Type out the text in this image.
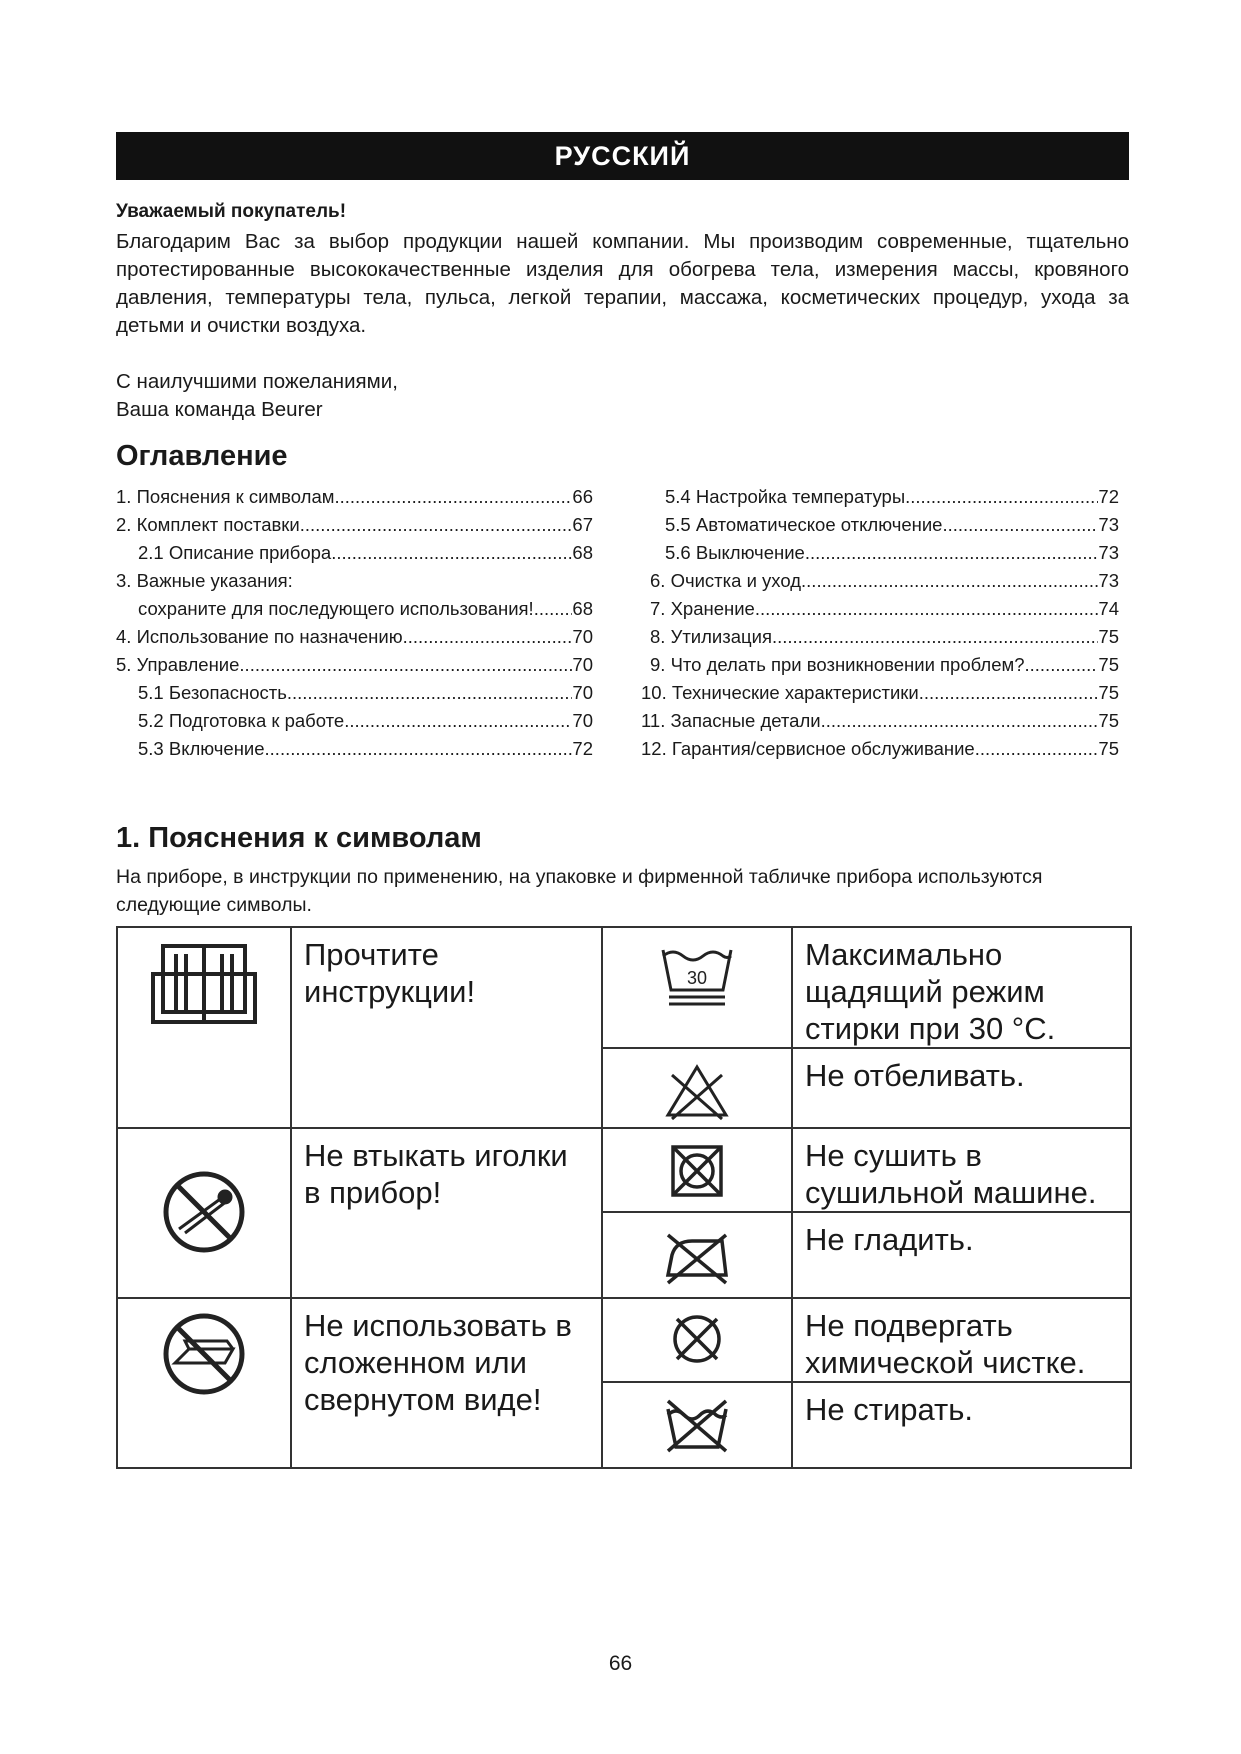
РУССКИЙ
Уважаемый покупатель!
Благодарим Вас за выбор продукции нашей компании. Мы производим современные, тщательно протестированные высококачественные изделия для обогрева тела, измерения массы, кровяного давления, температуры тела, пульса, легкой терапии, массажа, косметических процедур, ухода за детьми и очистки воздуха.
С наилучшими пожеланиями,
Ваша команда Beurer
Оглавление
1. Пояснения к символам .....	66
2. Комплект поставки .....	67
2.1 Описание прибора .....	68
3. Важные указания:
сохраните для последующего использования! ..... 68
4. Использование по назначению .....	70
5. Управление .....	70
5.1 Безопасность .....	70
5.2 Подготовка к работе .....	70
5.3 Включение .....	72
5.4 Настройка температуры .....	72
5.5 Автоматическое отключение .....	73
5.6 Выключение .....	73
6. Очистка и уход .....	73
7. Хранение .....	74
8. Утилизация .....	75
9. Что делать при возникновении проблем? .....	75
10. Технические характеристики .....	75
11. Запасные детали .....	75
12. Гарантия/сервисное обслуживание .....	75
1. Пояснения к символам
На приборе, в инструкции по применению, на упаковке и фирменной табличке прибора используются следующие символы.
	Прочтите инструкции!	30	Максимально щадящий режим стирки при 30 °С.

	Не отбеливать.

	Не втыкать иголки в прибор!		Не сушить в сушильной машине.

	Не гладить.

	Не использовать в сложенном или свернутом виде!		Не подвергать химической чистке.

	Не стирать.
66
